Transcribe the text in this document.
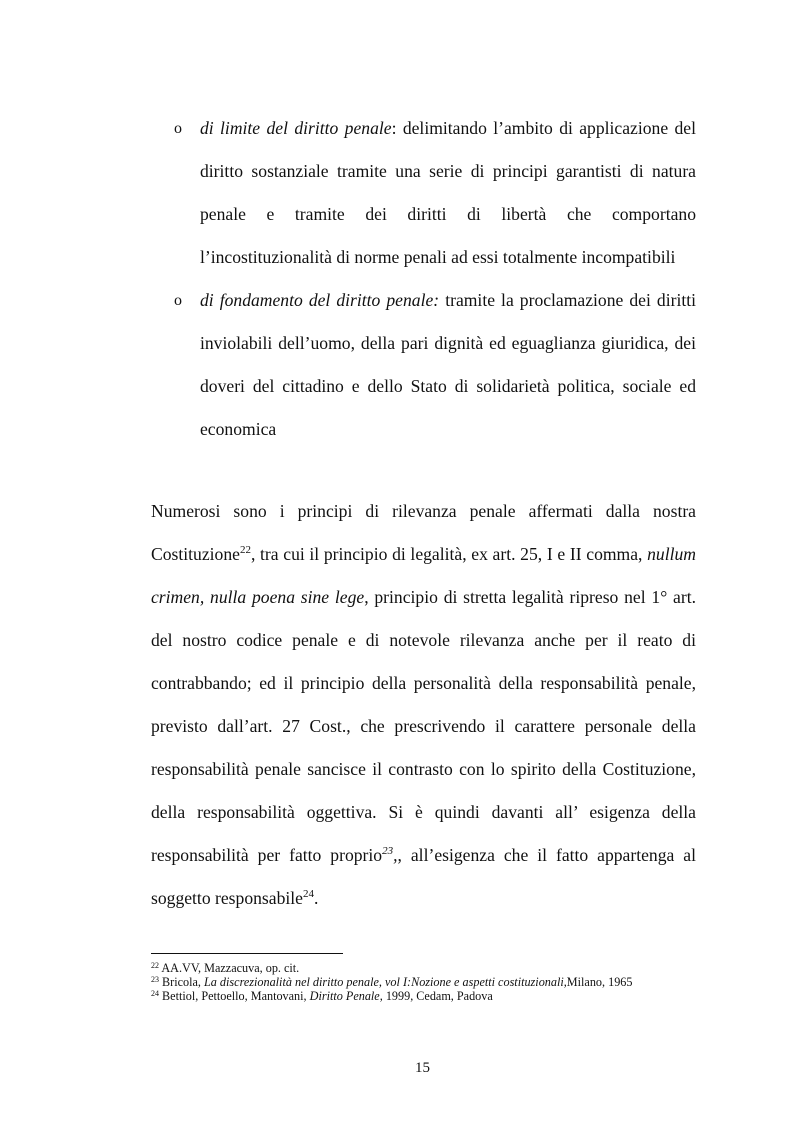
o di limite del diritto penale: delimitando l’ambito di applicazione del diritto sostanziale tramite una serie di principi garantisti di natura penale e tramite dei diritti di libertà che comportano l’incostituzionalità di norme penali ad essi totalmente incompatibili
o di fondamento del diritto penale: tramite la proclamazione dei diritti inviolabili dell’uomo, della pari dignità ed eguaglianza giuridica, dei doveri del cittadino e dello Stato di solidarietà politica, sociale ed economica

Numerosi sono i principi di rilevanza penale affermati dalla nostra Costituzione$^{22}$, tra cui il principio di legalità, ex art. 25, I e II comma, nullum crimen, nulla poena sine lege, principio di stretta legalità ripreso nel 1° art. del nostro codice penale e di notevole rilevanza anche per il reato di contrabbando; ed il principio della personalità della responsabilità penale, previsto dall’art. 27 Cost., che prescrivendo il carattere personale della responsabilità penale sancisce il contrasto con lo spirito della Costituzione, della responsabilità oggettiva. Si è quindi davanti all’ esigenza della responsabilità per fatto proprio$^{23}$,, all’esigenza che il fatto appartenga al soggetto responsabile$^{24}$.

$^{22}$ AA.VV, Mazzacuva, op. cit.
$^{23}$ Bricola, La discrezionalità nel diritto penale, vol I:Nozione e aspetti costituzionali,Milano, 1965
$^{24}$ Bettiol, Pettoello, Mantovani, Diritto Penale, 1999, Cedam, Padova
15
